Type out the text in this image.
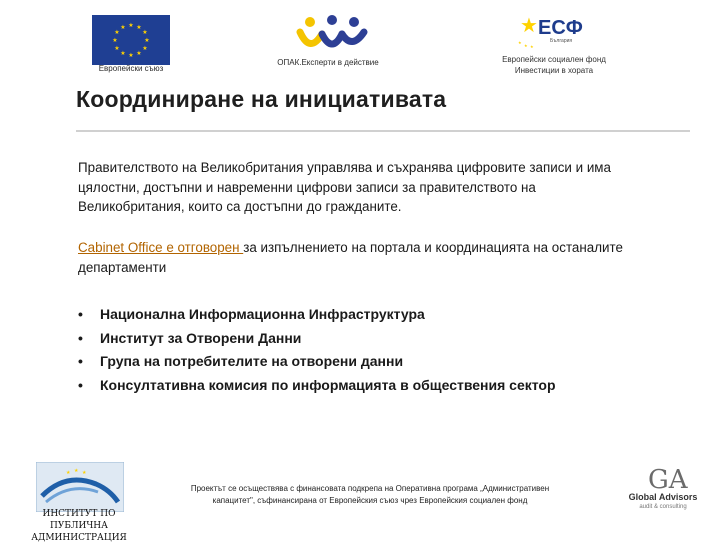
★ ★
★
★
★
★
★
★
★
★
★
★
Европейски съюз
ОПАК.Експерти в действие
★ ЕСФ
България
★
★ ★
Европейски социален фонд
Инвестиции в хората
Координиране на инициативата
Правителството на Великобритания управлява и съхранява цифровите записи и има цялостни, достъпни и навременни цифрови записи за правителството на Великобритания, които са достъпни до гражданите.
Cabinet Office е отговорен за изпълнението на портала и координацията на останалите департаменти
• Национална Информационна Инфраструктура
• Институт за Отворени Данни
• Група на потребителите на отворени данни
• Консултативна комисия по информацията в обществения сектор
★ ★
★
ИНСТИТУТ ПО ПУБЛИЧНА
АДМИНИСТРАЦИЯ
Проектът се осъществява с финансовата подкрепа на Оперативна програма „Административен
капацитет", съфинансирана от Европейския съюз чрез Европейския социален фонд
GA
Global Advisors
audit & consulting
